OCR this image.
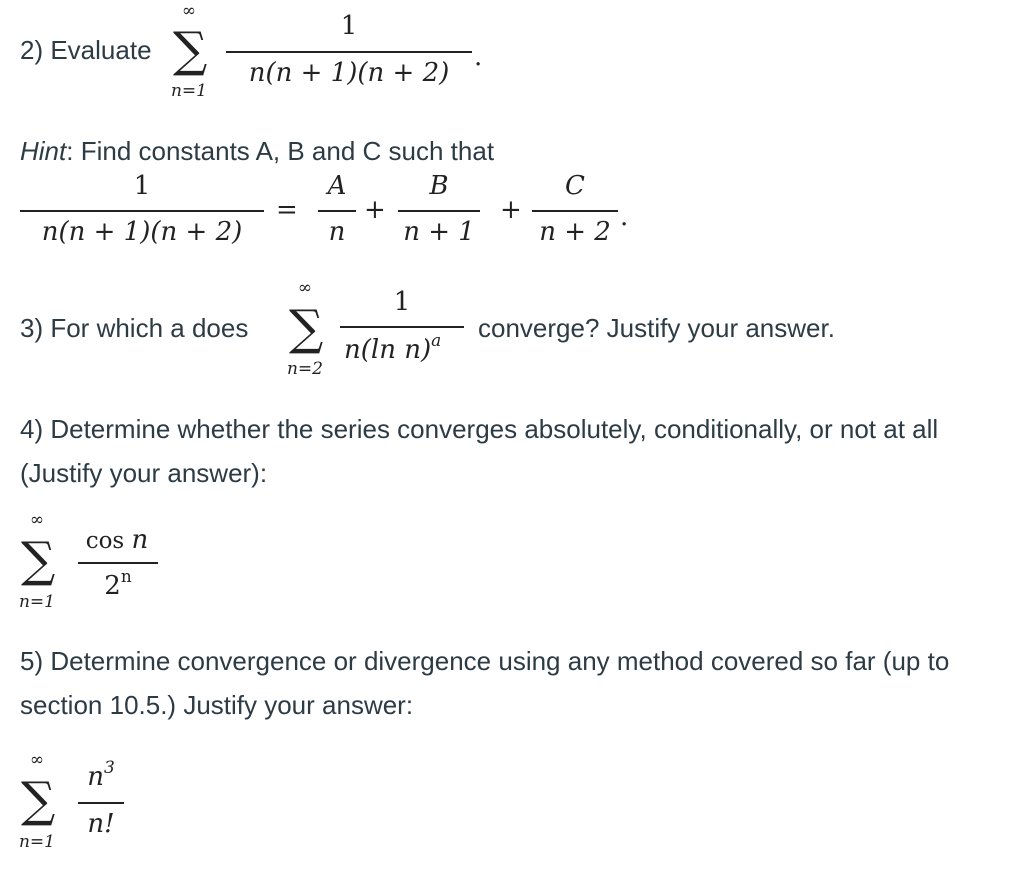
2) Evaluate
∞
∑
n=1
1
n(n + 1)(n + 2)
.
Hint: Find constants A, B and C such that
1
n(n + 1)(n + 2)
=
A
n
+
B
n + 1
+
C
n + 2 .
3) For which a does
∞
∑
n=2
1
n(ln n)$^a$ converge? Justify your answer.
4) Determine whether the series converges absolutely, conditionally, or not at all (Justify your answer):
∞
∑
n=1
cos n
2$^n$
5) Determine convergence or divergence using any method covered so far (up to section 10.5.) Justify your answer:
∞
∑
n=1
$n^3$
n!
